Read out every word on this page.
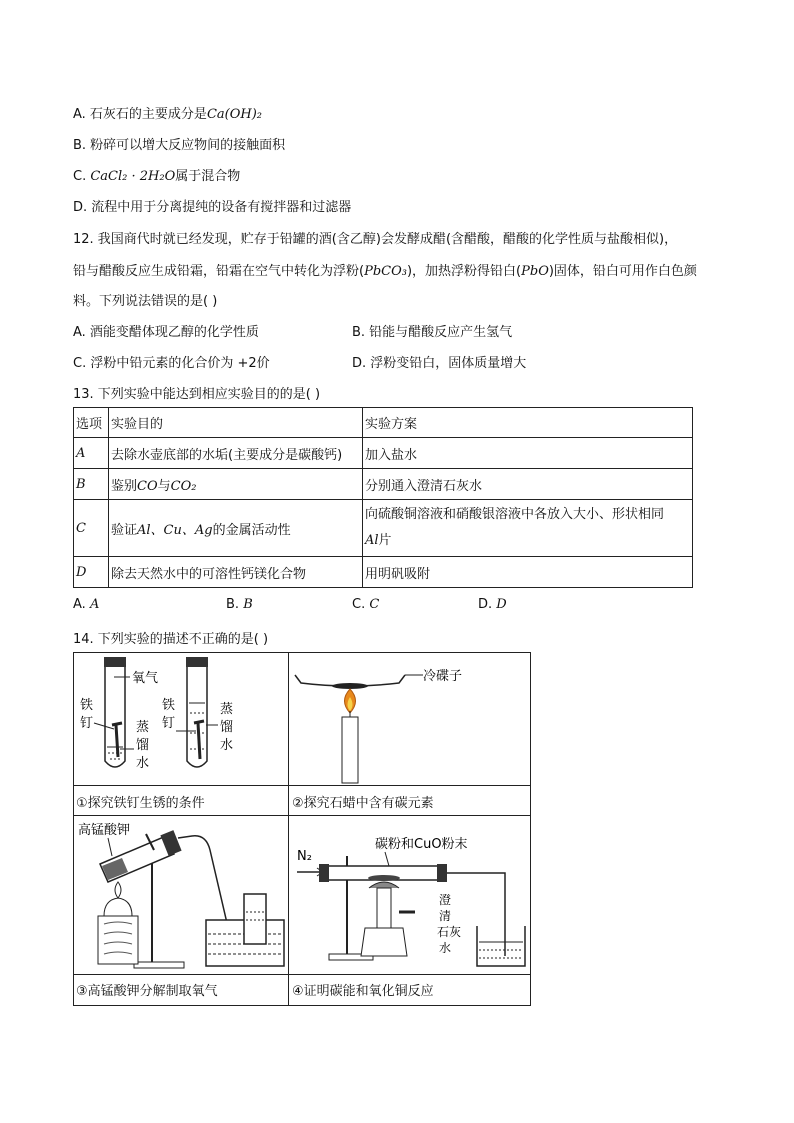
A. 石灰石的主要成分是Ca(OH)₂
B. 粉碎可以增大反应物间的接触面积
C. CaCl₂ · 2H₂O属于混合物
D. 流程中用于分离提纯的设备有搅拌器和过滤器
12. 我国商代时就已经发现，贮存于铅罐的酒(含乙醇)会发酵成醋(含醋酸，醋酸的化学性质与盐酸相似)，
铅与醋酸反应生成铅霜，铅霜在空气中转化为浮粉(PbCO₃)，加热浮粉得铅白(PbO)固体，铅白可用作白色颜
料。下列说法错误的是( )
A. 酒能变醋体现乙醇的化学性质	B. 铅能与醋酸反应产生氢气
C. 浮粉中铅元素的化合价为 +2价	D. 浮粉变铅白，固体质量增大
13. 下列实验中能达到相应实验目的的是( )
选项	实验目的	实验方案
A	去除水壶底部的水垢(主要成分是碳酸钙)	加入盐水
B	鉴别CO与CO₂	分别通入澄清石灰水
C	验证Al、Cu、Ag的金属活动性	向硫酸铜溶液和硝酸银溶液中各放入大小、形状相同
Al片

D	除去天然水中的可溶性钙镁化合物	用明矾吸附
A. A	B. B	C. C	D. D
14. 下列实验的描述不正确的是( )
氧气
铁
钉	蒸
馏
水
铁
钉
蒸
馏
水
冷碟子
①探究铁钉生锈的条件	②探究石蜡中含有碳元素
高锰酸钾
N₂
碳粉和CuO粉末
澄
清
石灰
水
③高锰酸钾分解制取氧气	④证明碳能和氧化铜反应
